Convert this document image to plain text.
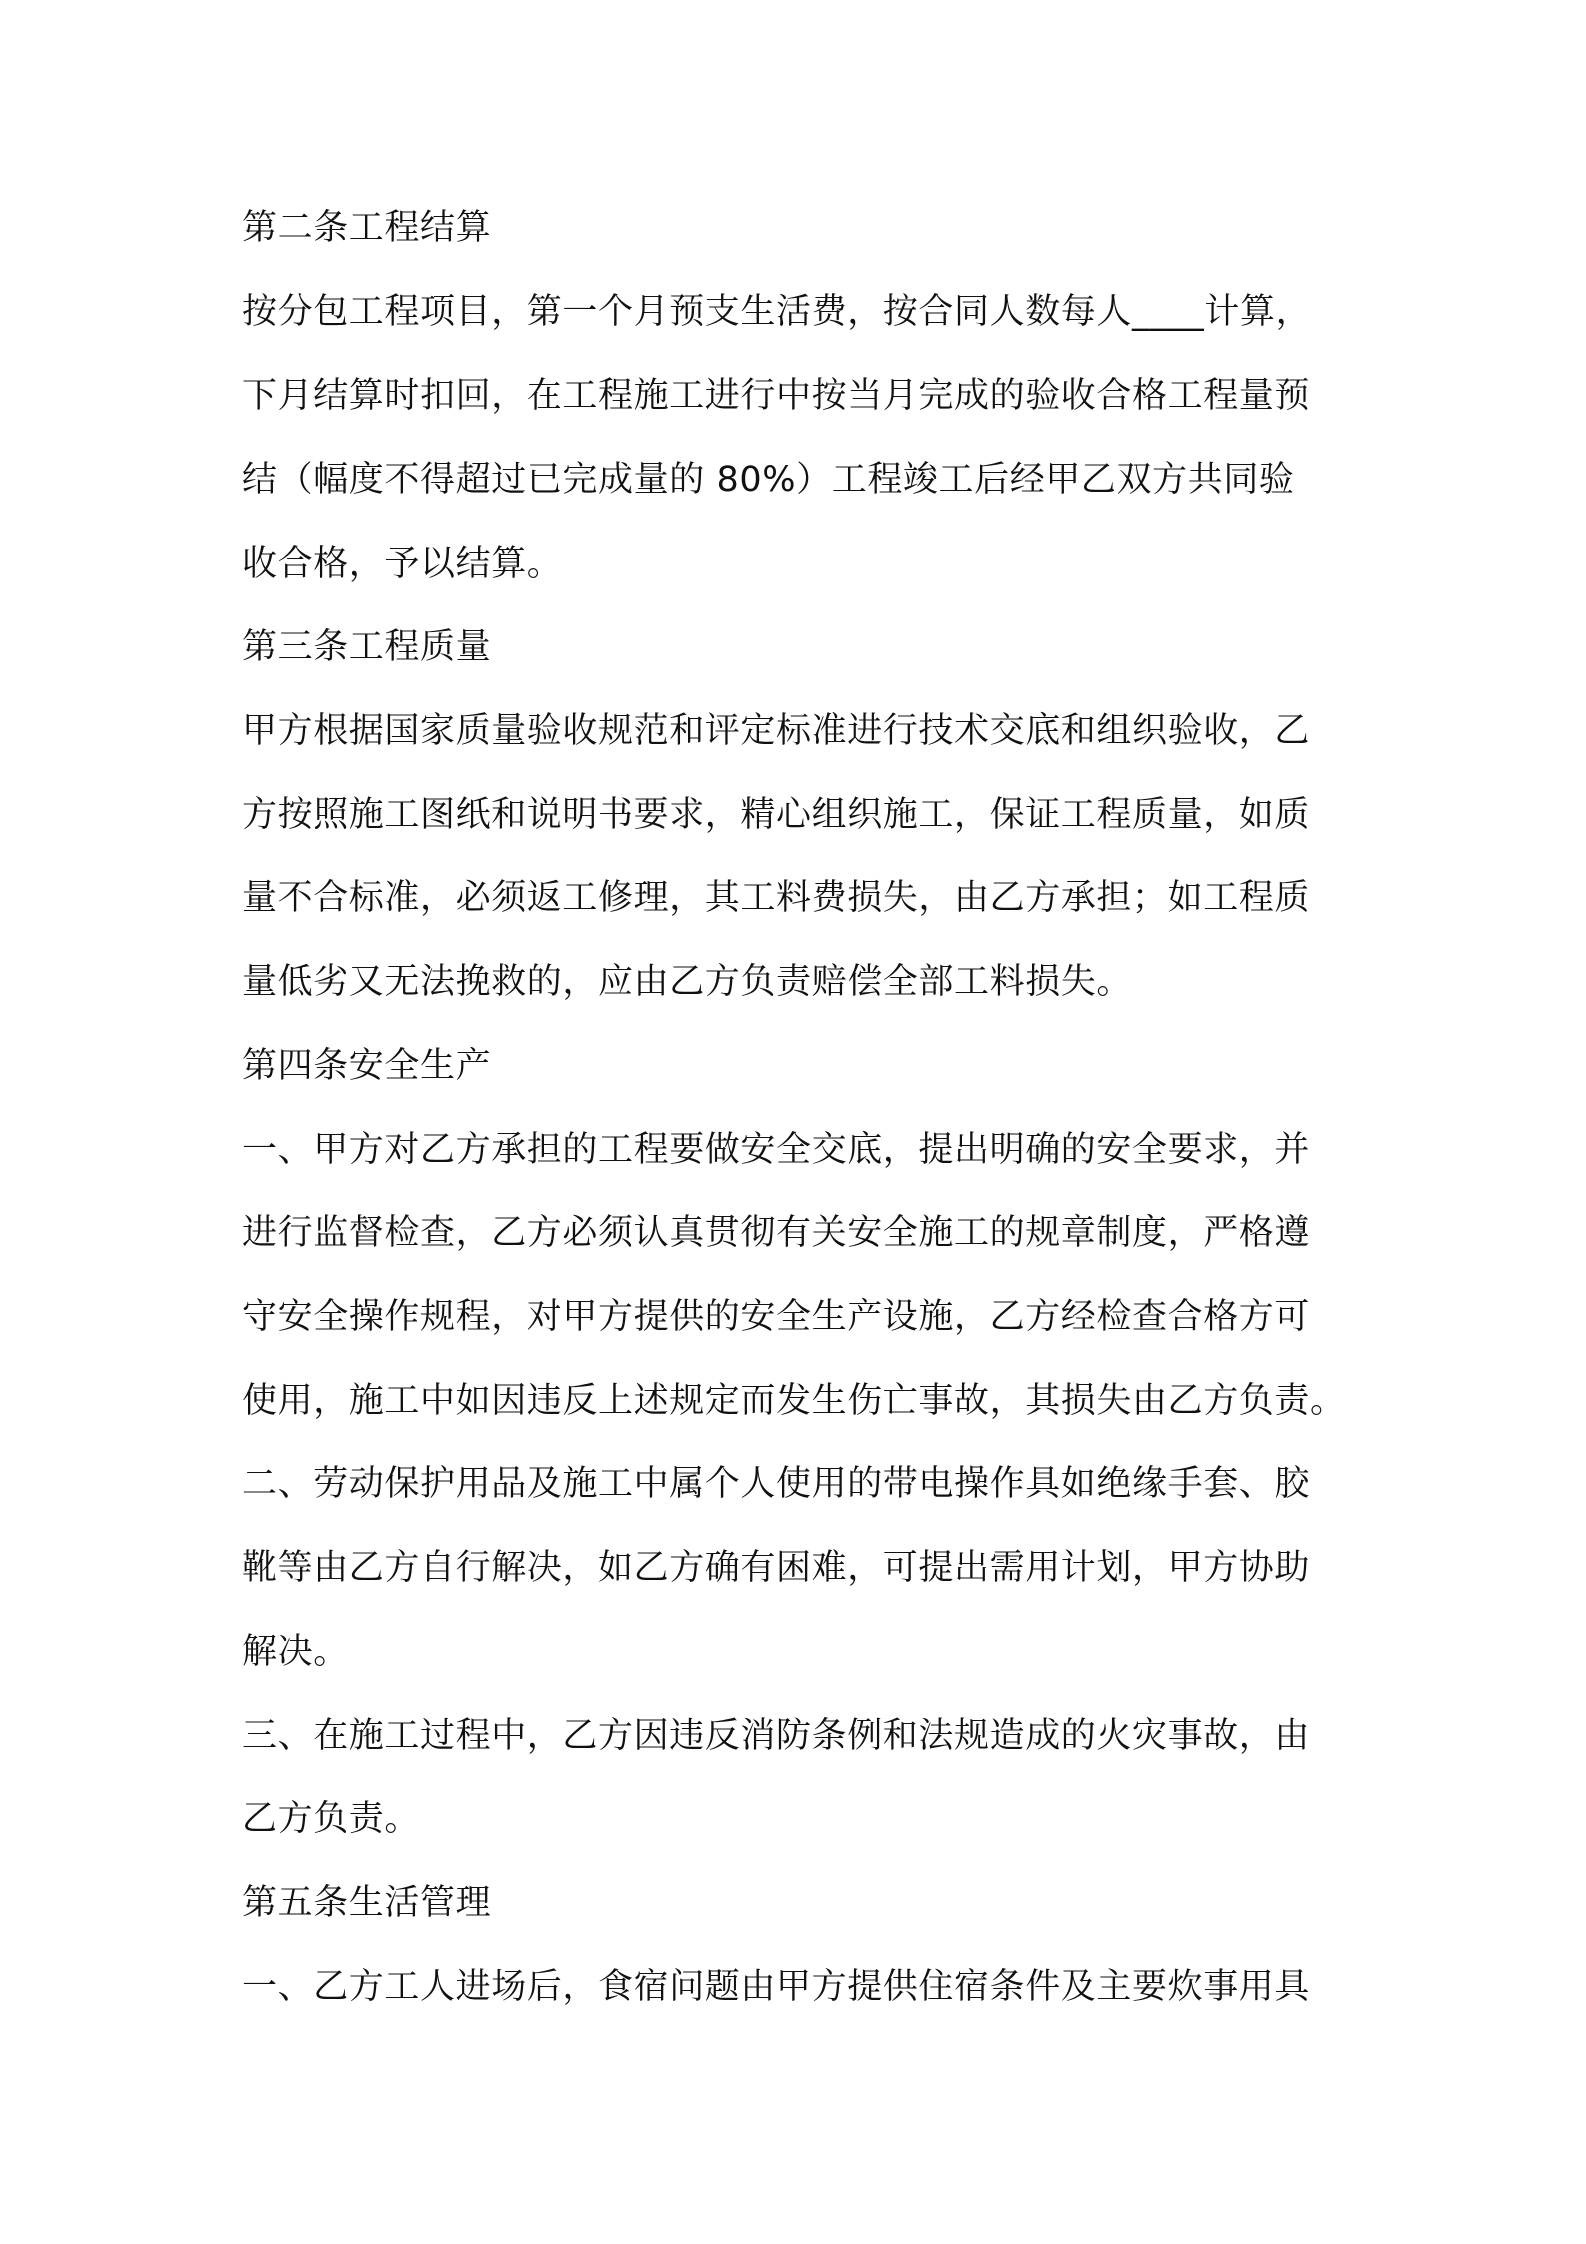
第二条工程结算

按分包工程项目，第一个月预支生活费，按合同人数每人____计算，

下月结算时扣回，在工程施工进行中按当月完成的验收合格工程量预

结（幅度不得超过已完成量的 80%）工程竣工后经甲乙双方共同验

收合格，予以结算。

第三条工程质量

甲方根据国家质量验收规范和评定标准进行技术交底和组织验收，乙

方按照施工图纸和说明书要求，精心组织施工，保证工程质量，如质

量不合标准，必须返工修理，其工料费损失，由乙方承担；如工程质

量低劣又无法挽救的，应由乙方负责赔偿全部工料损失。

第四条安全生产

一、甲方对乙方承担的工程要做安全交底，提出明确的安全要求，并

进行监督检查，乙方必须认真贯彻有关安全施工的规章制度，严格遵

守安全操作规程，对甲方提供的安全生产设施，乙方经检查合格方可

使用，施工中如因违反上述规定而发生伤亡事故，其损失由乙方负责。

二、劳动保护用品及施工中属个人使用的带电操作具如绝缘手套、胶

靴等由乙方自行解决，如乙方确有困难，可提出需用计划，甲方协助

解决。

三、在施工过程中，乙方因违反消防条例和法规造成的火灾事故，由

乙方负责。

第五条生活管理

一、乙方工人进场后，食宿问题由甲方提供住宿条件及主要炊事用具
